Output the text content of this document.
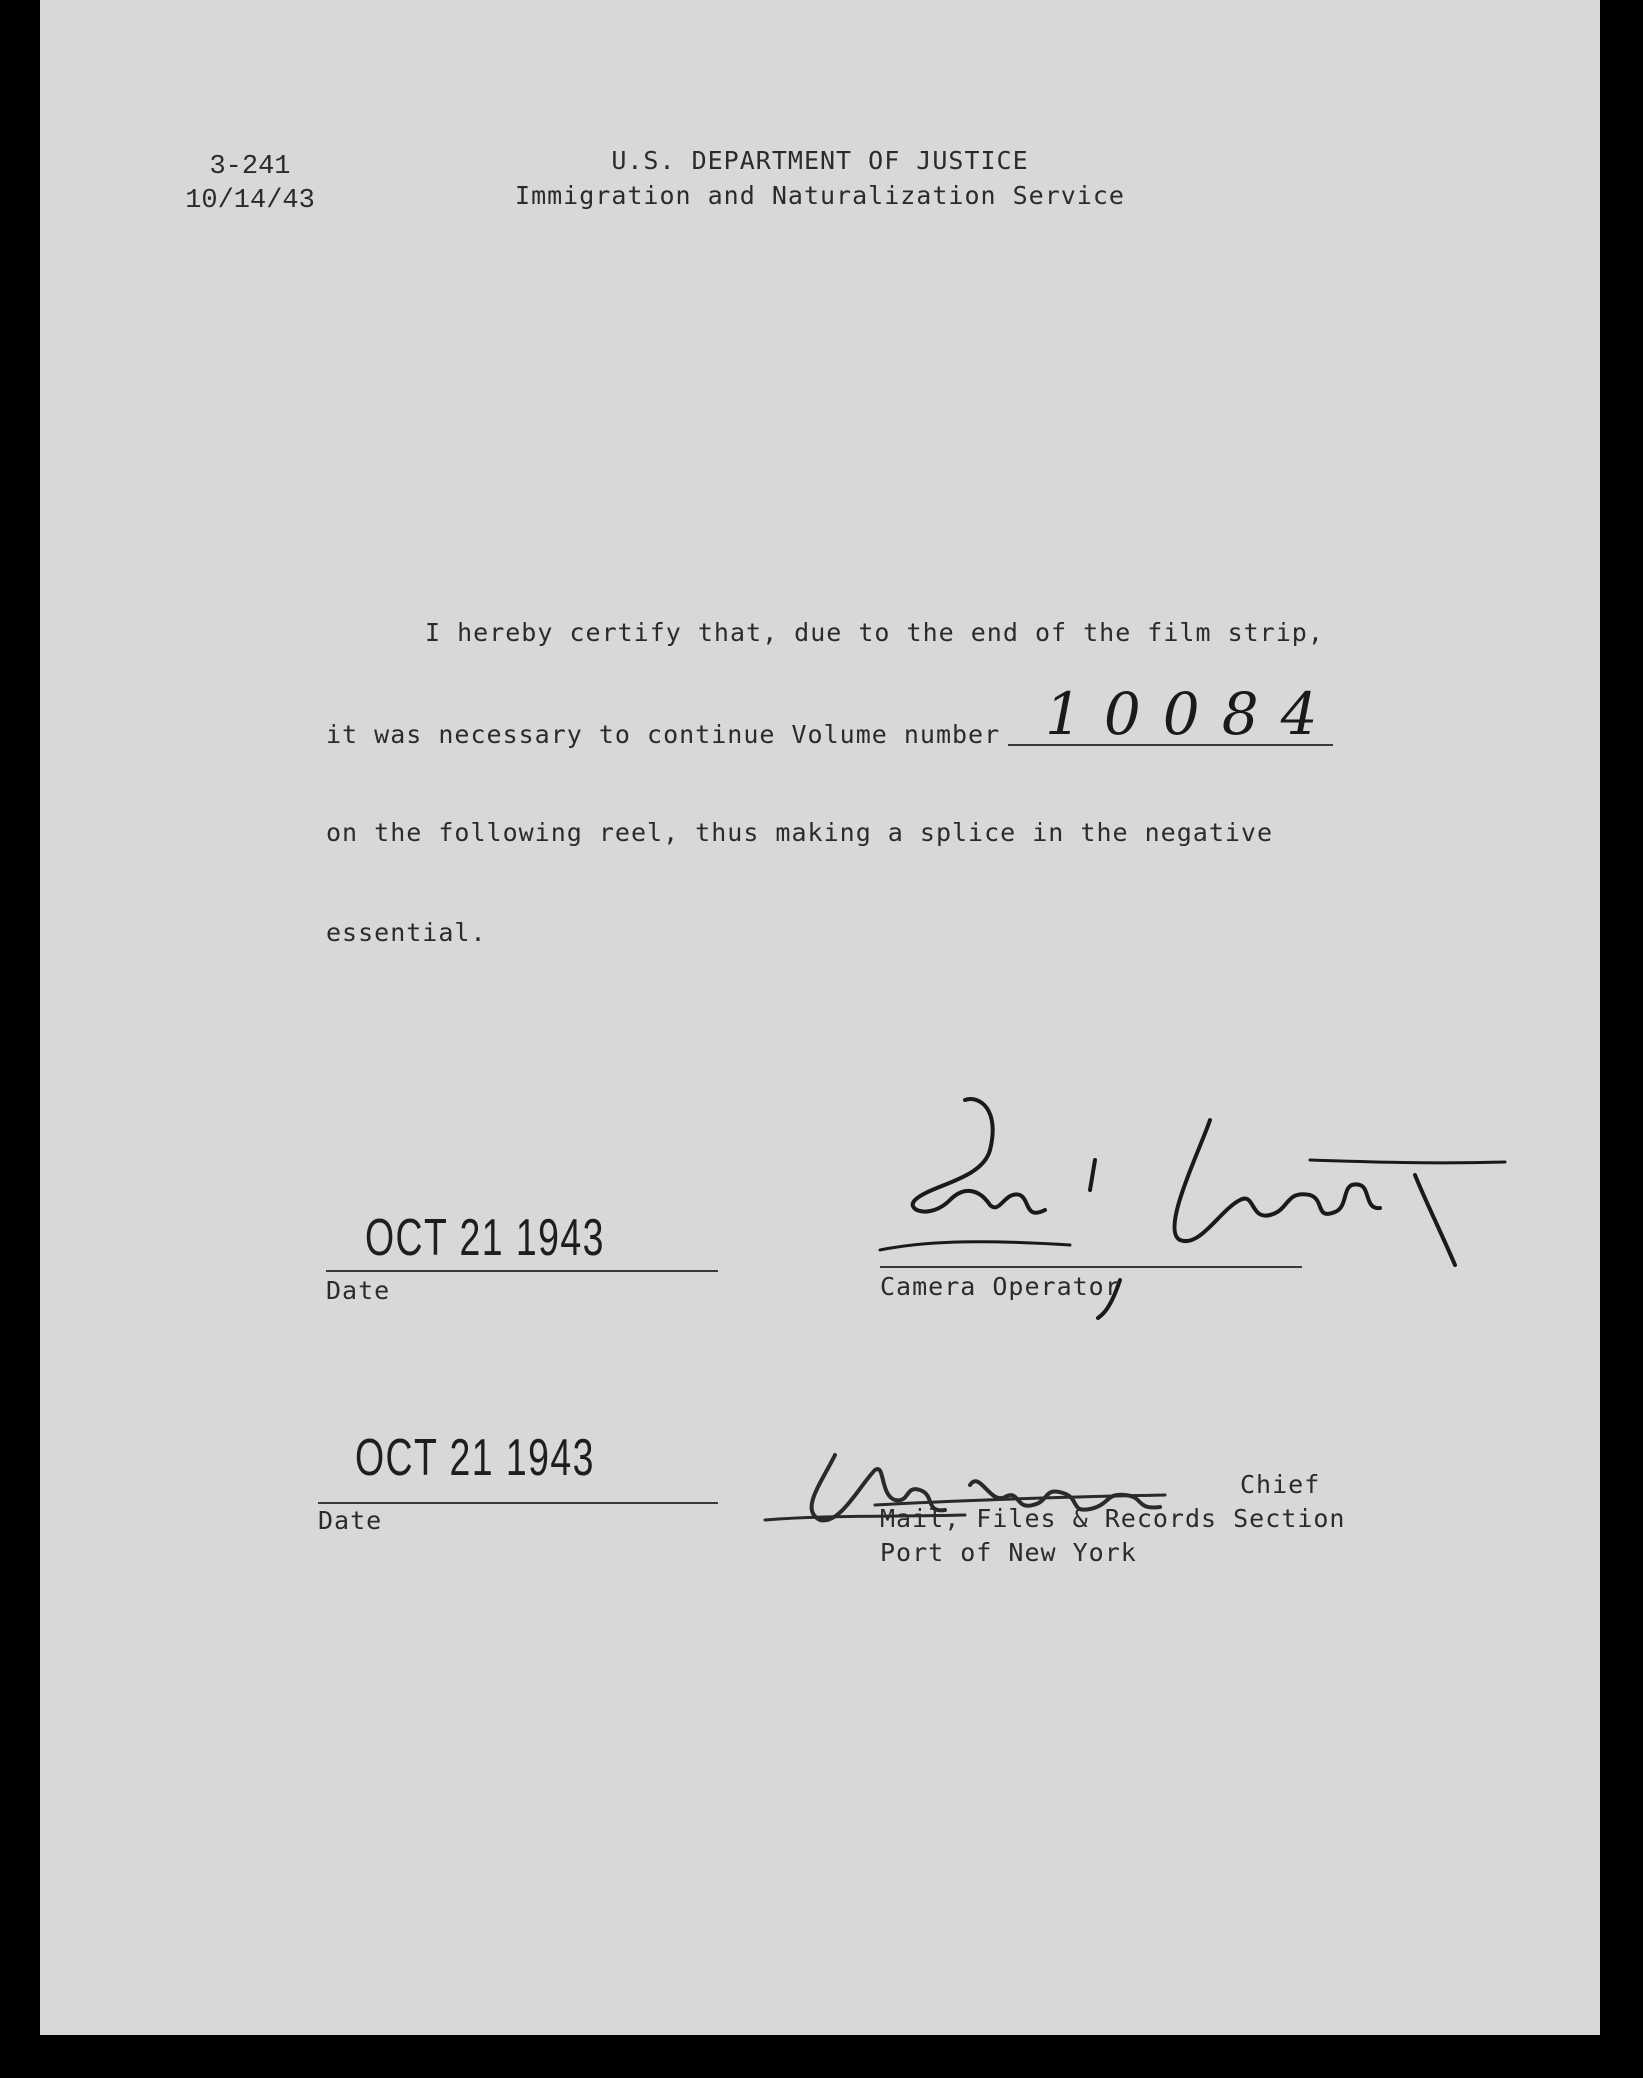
3-241
10/14/43
U.S. DEPARTMENT OF JUSTICE
Immigration and Naturalization Service
I hereby certify that, due to the end of the film strip,
it was necessary to continue Volume number 10084
on the following reel, thus making a splice in the negative
essential.
OCT 21 1943
Date	Camera Operator
OCT 21 1943
Date
Chief
Mail, Files & Records Section
Port of New York
